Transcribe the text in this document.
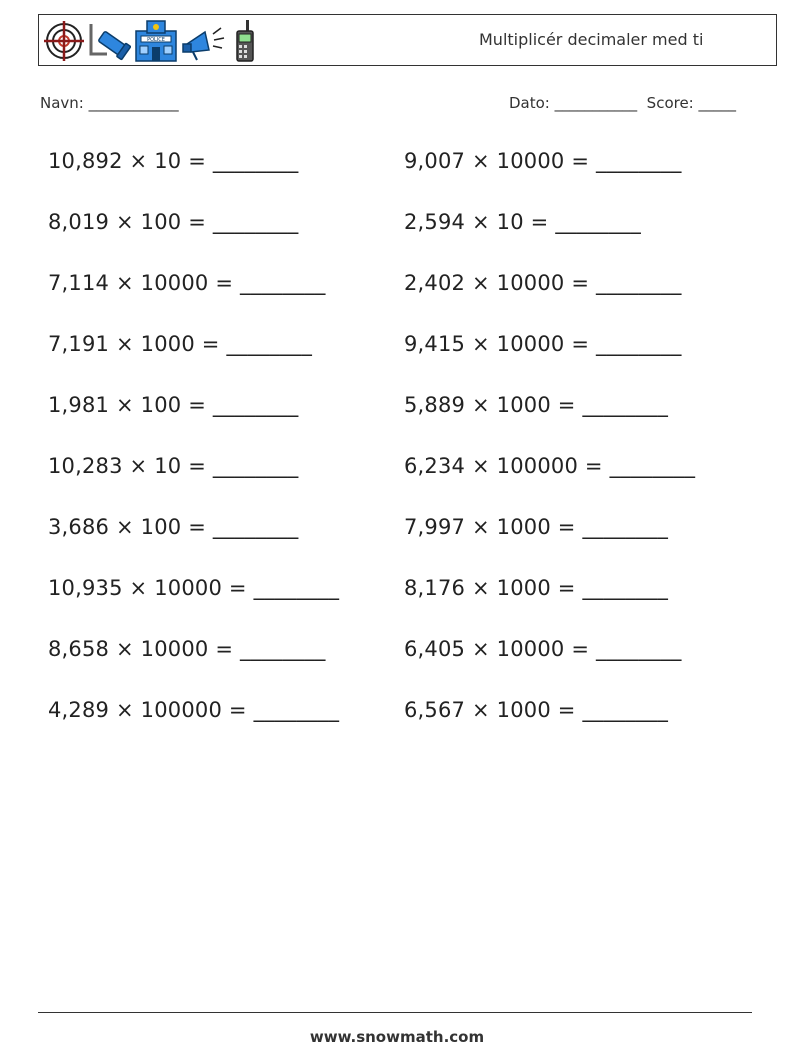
POLICE	Multiplicér decimaler med ti
Navn: ____________	Dato: ___________ Score: _____
10,892 × 10 = ________
8,019 × 100 = ________
7,114 × 10000 = ________
7,191 × 1000 = ________
1,981 × 100 = ________
10,283 × 10 = ________
3,686 × 100 = ________
10,935 × 10000 = ________
8,658 × 10000 = ________
4,289 × 100000 = ________
9,007 × 10000 = ________
2,594 × 10 = ________
2,402 × 10000 = ________
9,415 × 10000 = ________
5,889 × 1000 = ________
6,234 × 100000 = ________
7,997 × 1000 = ________
8,176 × 1000 = ________
6,405 × 10000 = ________
6,567 × 1000 = ________
www.snowmath.com
